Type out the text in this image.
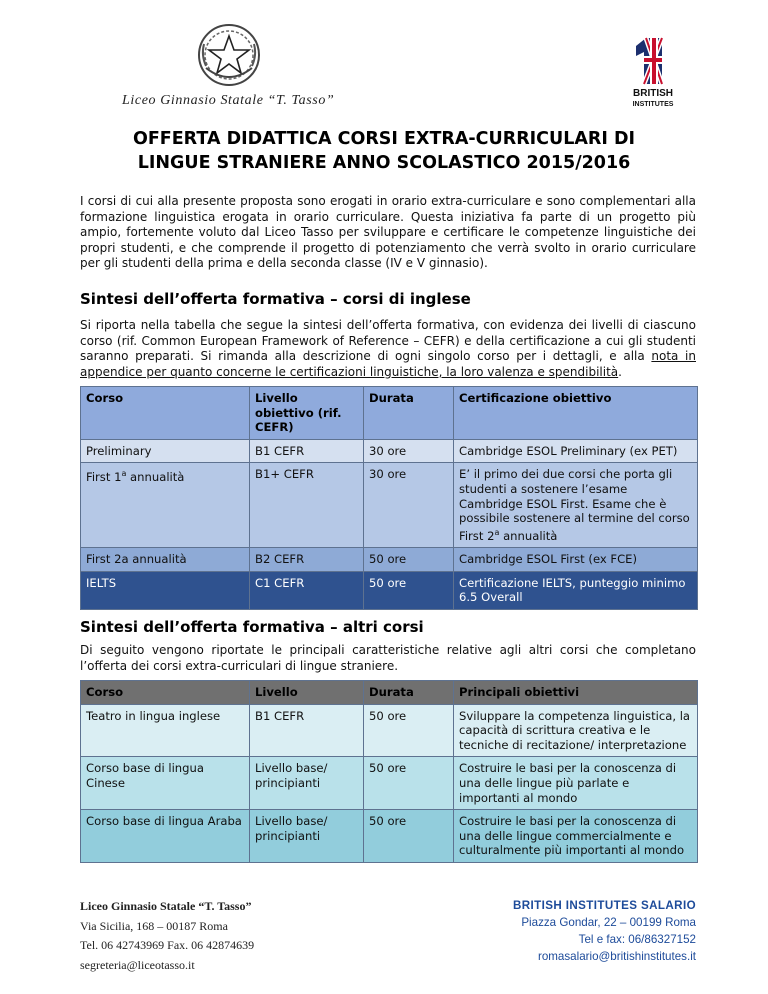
Liceo Ginnasio Statale “T. Tasso”	BRITISH
INSTITUTES
OFFERTA DIDATTICA CORSI EXTRA-CURRICULARI DI
LINGUE STRANIERE ANNO SCOLASTICO 2015/2016
I corsi di cui alla presente proposta sono erogati in orario extra-curriculare e sono complementari alla formazione linguistica erogata in orario curriculare. Questa iniziativa fa parte di un progetto più ampio, fortemente voluto dal Liceo Tasso per sviluppare e certificare le competenze linguistiche dei propri studenti, e che comprende il progetto di potenziamento che verrà svolto in orario curriculare per gli studenti della prima e della seconda classe (IV e V ginnasio).
Sintesi dell’offerta formativa – corsi di inglese
Si riporta nella tabella che segue la sintesi dell’offerta formativa, con evidenza dei livelli di ciascuno corso (rif. Common European Framework of Reference – CEFR) e della certificazione a cui gli studenti saranno preparati. Si rimanda alla descrizione di ogni singolo corso per i dettagli, e alla nota in appendice per quanto concerne le certificazioni linguistiche, la loro valenza e spendibilità.
Corso	Livello obiettivo (rif. CEFR)	Durata	Certificazione obiettivo
Preliminary	B1 CEFR	30 ore	Cambridge ESOL Preliminary (ex PET)
First 1$^a$ annualità	B1+ CEFR	30 ore	E’ il primo dei due corsi che porta gli studenti a sostenere l’esame Cambridge ESOL First. Esame che è possibile sostenere al termine del corso First 2$^a$ annualità
First 2a annualità	B2 CEFR	50 ore	Cambridge ESOL First (ex FCE)
IELTS	C1 CEFR	50 ore	Certificazione IELTS, punteggio minimo 6.5 Overall
Sintesi dell’offerta formativa – altri corsi
Di seguito vengono riportate le principali caratteristiche relative agli altri corsi che completano l’offerta dei corsi extra-curriculari di lingue straniere.
Corso	Livello	Durata	Principali obiettivi
Teatro in lingua inglese	B1 CEFR	50 ore	Sviluppare la competenza linguistica, la capacità di scrittura creativa e le tecniche di recitazione/ interpretazione
Corso base di lingua Cinese	Livello base/ principianti	50 ore	Costruire le basi per la conoscenza di una delle lingue più parlate e importanti al mondo
Corso base di lingua Araba	Livello base/ principianti	50 ore	Costruire le basi per la conoscenza di una delle lingue commercialmente e culturalmente più importanti al mondo
Liceo Ginnasio Statale “T. Tasso”
Via Sicilia, 168 – 00187 Roma
Tel. 06 42743969 Fax. 06 42874639
segreteria@liceotasso.it
BRITISH INSTITUTES SALARIO
Piazza Gondar, 22 – 00199 Roma
Tel e fax: 06/86327152
romasalario@britishinstitutes.it
